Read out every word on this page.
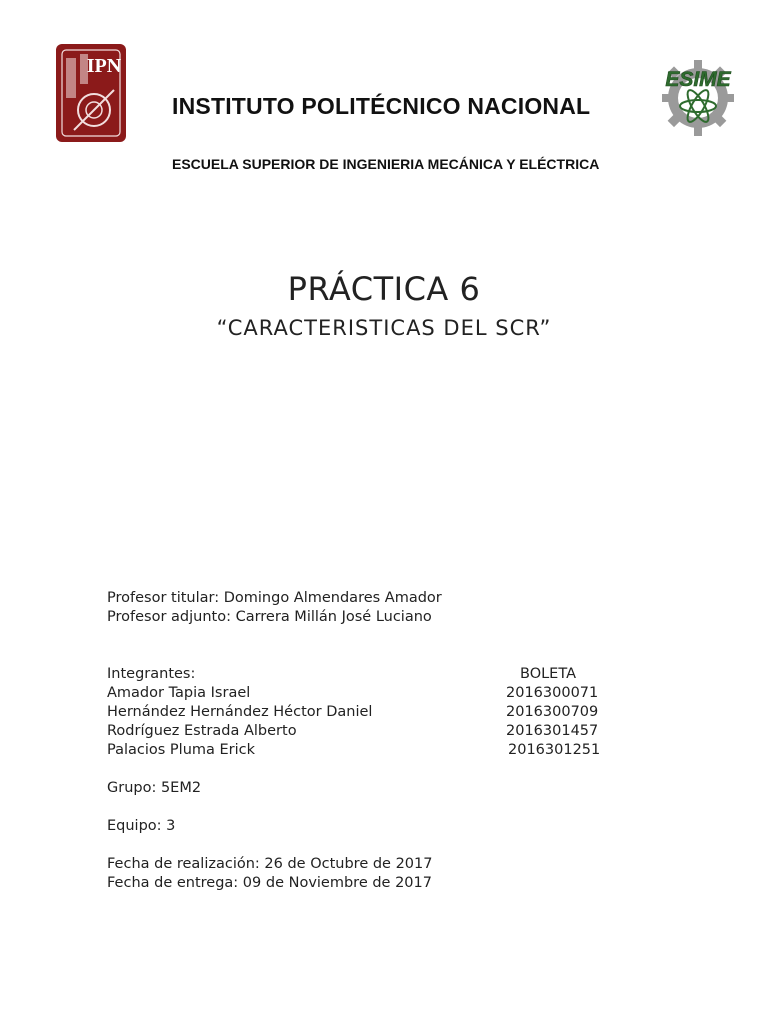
IPN
ESIME
INSTITUTO POLITÉCNICO NACIONAL
ESCUELA SUPERIOR DE INGENIERIA MECÁNICA Y ELÉCTRICA
PRÁCTICA 6
“CARACTERISTICAS DEL SCR”
Profesor titular: Domingo Almendares Amador
Profesor adjunto: Carrera Millán José Luciano
Integrantes:	BOLETA
Amador Tapia Israel	2016300071
Hernández Hernández Héctor Daniel	2016300709
Rodríguez Estrada Alberto	2016301457
Palacios Pluma Erick	2016301251
Grupo: 5EM2
Equipo: 3
Fecha de realización: 26 de Octubre de 2017
Fecha de entrega: 09 de Noviembre de 2017
